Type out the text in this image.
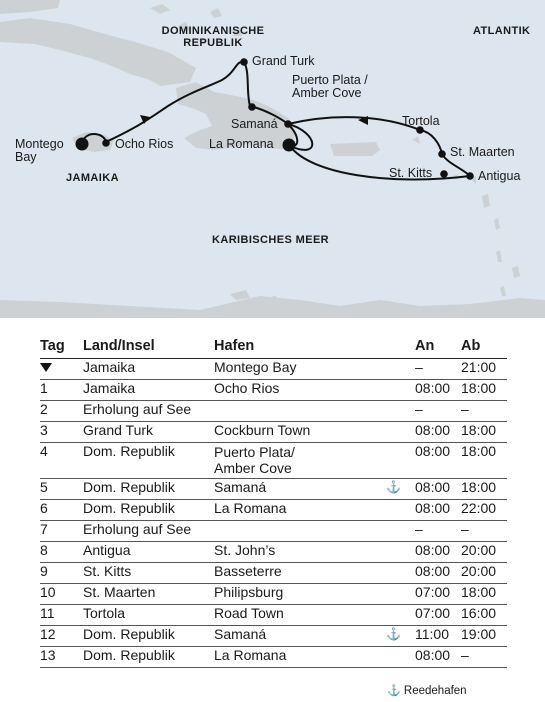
DOMINIKANISCHE
REPUBLIK
ATLANTIK
JAMAIKA
KARIBISCHES MEER
Montego
Bay
Ocho Rios
Grand Turk
Puerto Plata /
Amber Cove
Samaná
La Romana
Tortola
St. Maarten
St. Kitts	Antigua
Tag	Land/Insel	Hafen		An	Ab
	Jamaika	Montego Bay		–	21:00
1	Jamaika	Ocho Rios		08:00	18:00
2	Erholung auf See			–	–
3	Grand Turk	Cockburn Town		08:00	18:00
4	Dom. Republik	Puerto Plata/
Amber Cove		08:00	18:00
5	Dom. Republik	Samaná	⚓	08:00	18:00
6	Dom. Republik	La Romana		08:00	22:00
7	Erholung auf See			–	–
8	Antigua	St. John’s		08:00	20:00
9	St. Kitts	Basseterre		08:00	20:00
10	St. Maarten	Philipsburg		07:00	18:00
11	Tortola	Road Town		07:00	16:00
12	Dom. Republik	Samaná	⚓	11:00	19:00
13	Dom. Republik	La Romana		08:00	–
⚓ Reedehafen
